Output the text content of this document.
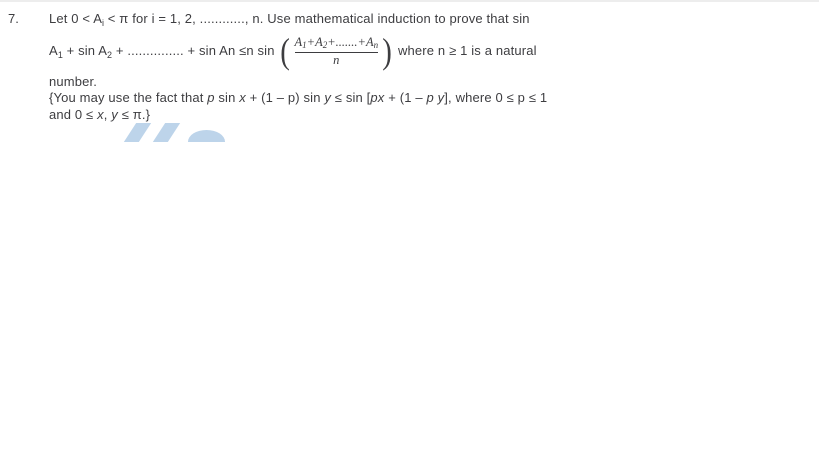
7.	Let $0 < A_i < \pi$ for i = 1, 2, ............, n. Use mathematical induction to prove that sin
$A_1 + \sin A_2$ + ............... + sin An ≤n sin ( $\frac{A_1+A_2+.......+A_n}{n}$ ) where n ≥ 1 is a natural
number.
{You may use the fact that p sin x + (1 – p) sin y ≤ sin [px + (1 – p y], where 0 ≤ p ≤ 1
and 0 ≤ x, y ≤ π.}
